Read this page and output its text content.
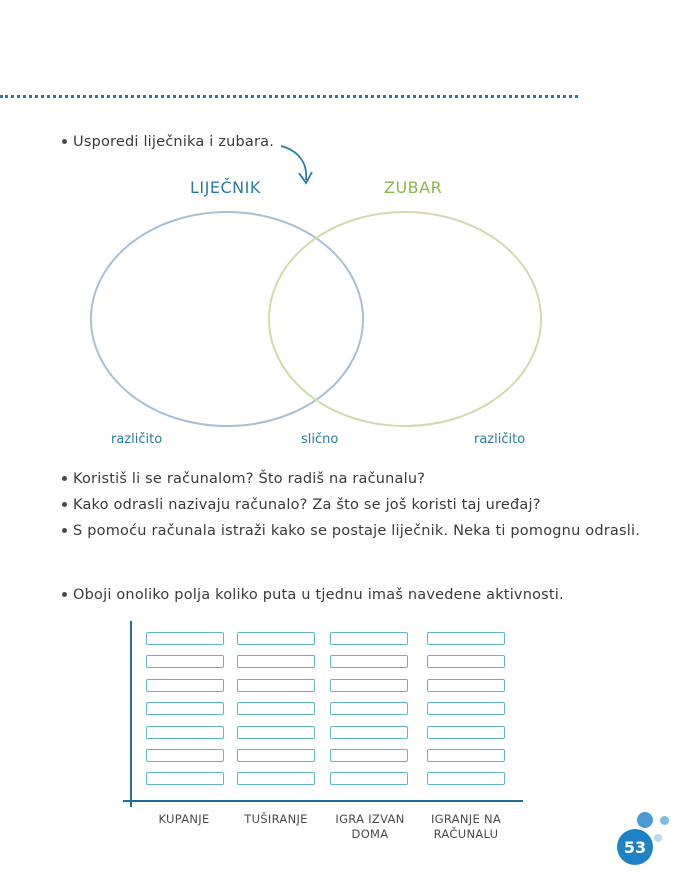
Usporedi liječnika i zubara.
LIJEČNIK	ZUBAR
različito	slično	različito
Koristiš li se računalom? Što radiš na računalu?
Kako odrasli nazivaju računalo? Za što se još koristi taj uređaj?
S pomoću računala istraži kako se postaje liječnik. Neka ti pomognu odrasli.
Oboji onoliko polja koliko puta u tjednu imaš navedene aktivnosti.
KUPANJE	TUŠIRANJE	IGRA IZVAN
DOMA
IGRANJE NA
RAČUNALU
53
